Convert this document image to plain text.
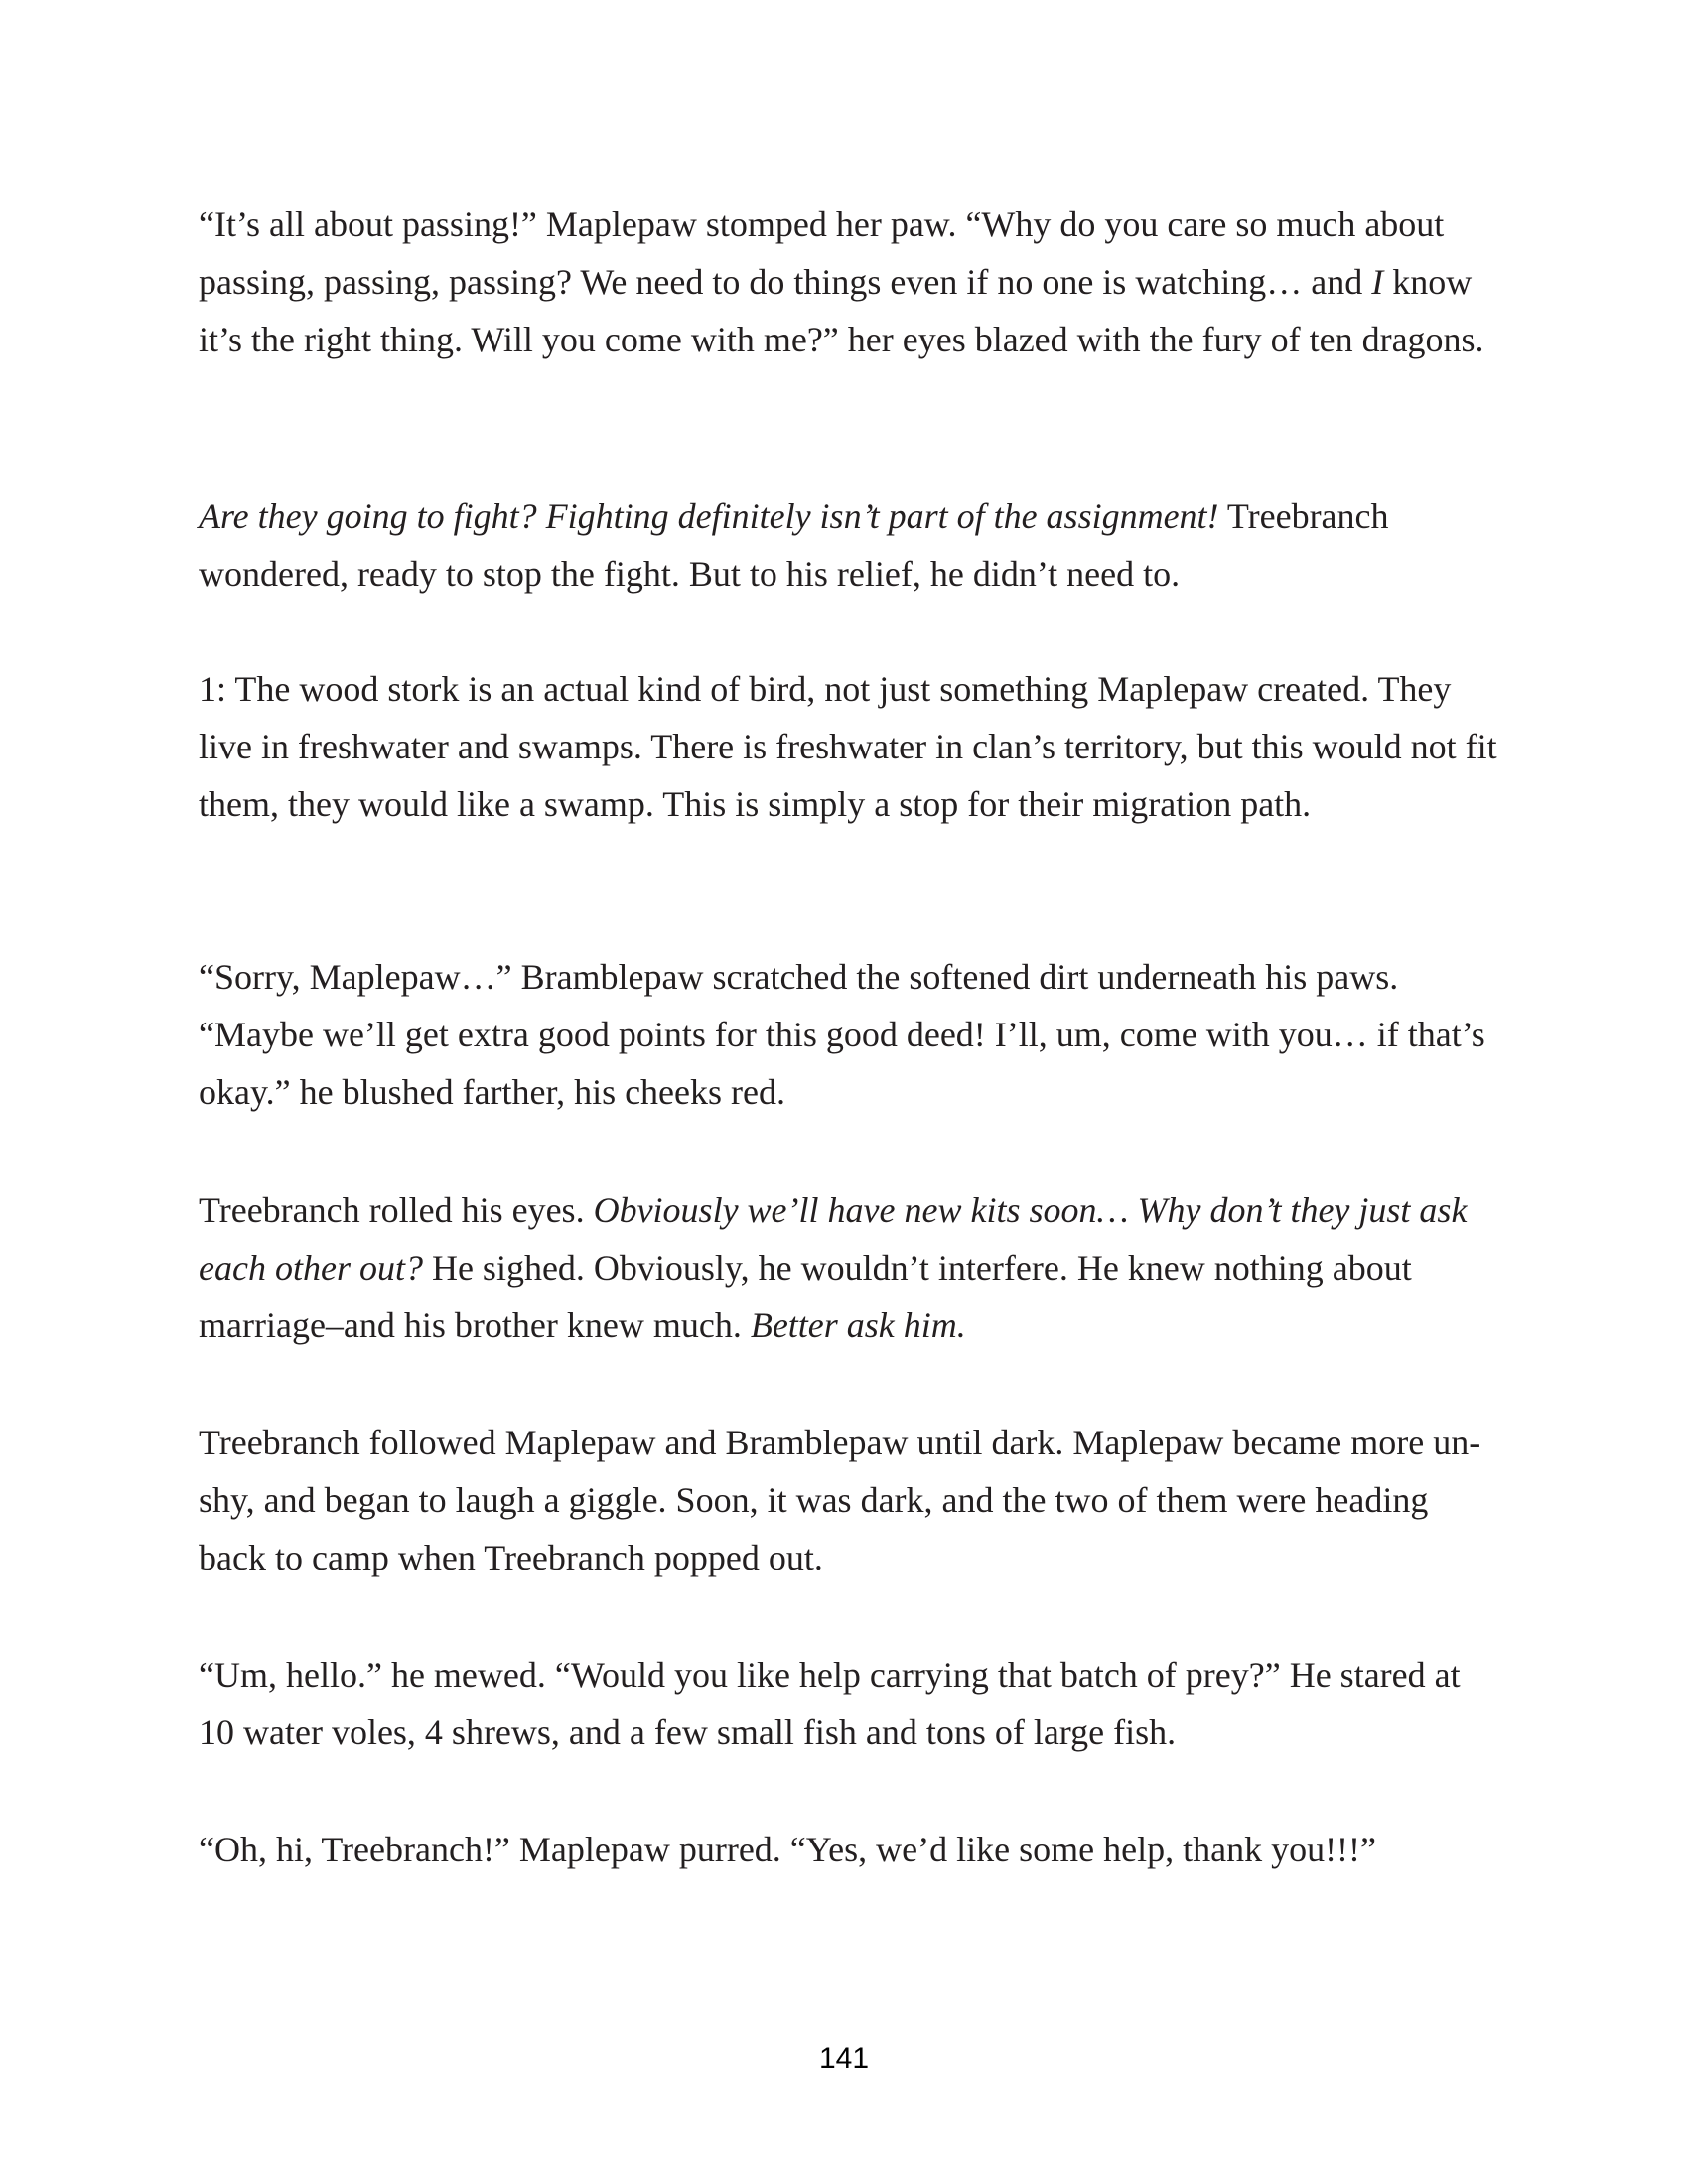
“It’s all about passing!” Maplepaw stomped her paw. “Why do you care so much about passing, passing, passing? We need to do things even if no one is watching… and I know it’s the right thing. Will you come with me?” her eyes blazed with the fury of ten dragons.

Are they going to fight? Fighting definitely isn’t part of the assignment! Treebranch wondered, ready to stop the fight. But to his relief, he didn’t need to.

1: The wood stork is an actual kind of bird, not just something Maplepaw created. They live in freshwater and swamps. There is freshwater in clan’s territory, but this would not fit them, they would like a swamp. This is simply a stop for their migration path.

“Sorry, Maplepaw…” Bramblepaw scratched the softened dirt underneath his paws. “Maybe we’ll get extra good points for this good deed! I’ll, um, come with you… if that’s okay.” he blushed farther, his cheeks red.

Treebranch rolled his eyes. Obviously we’ll have new kits soon… Why don’t they just ask each other out? He sighed. Obviously, he wouldn’t interfere. He knew nothing about marriage–and his brother knew much. Better ask him.

Treebranch followed Maplepaw and Bramblepaw until dark. Maplepaw became more un-shy, and began to laugh a giggle. Soon, it was dark, and the two of them were heading back to camp when Treebranch popped out.

“Um, hello.” he mewed. “Would you like help carrying that batch of prey?” He stared at 10 water voles, 4 shrews, and a few small fish and tons of large fish.

“Oh, hi, Treebranch!” Maplepaw purred. “Yes, we’d like some help, thank you!!!”

141
